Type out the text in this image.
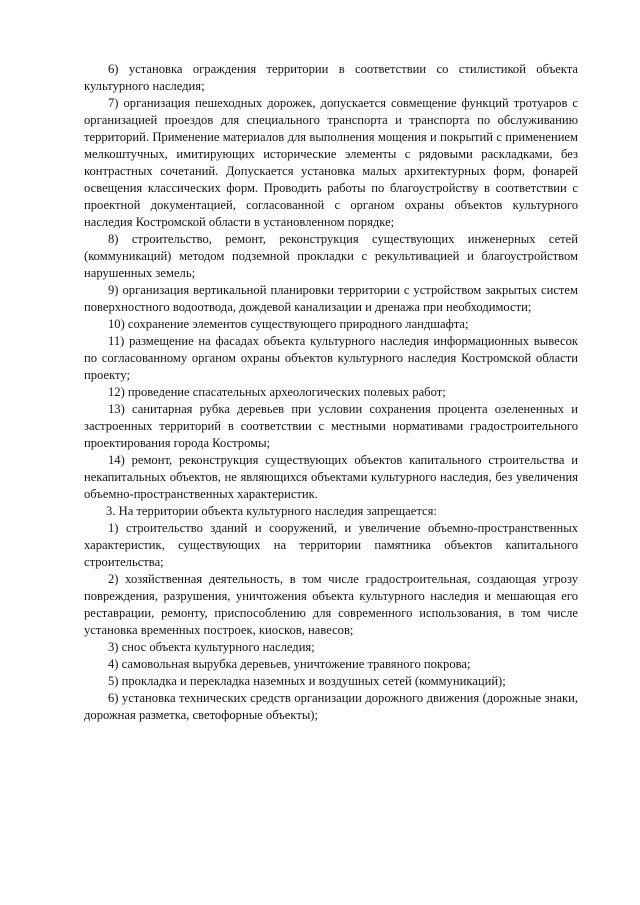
6) установка ограждения территории в соответствии со стилистикой объекта культурного наследия;

7) организация пешеходных дорожек, допускается совмещение функций тротуаров с организацией проездов для специального транспорта и транспорта по обслуживанию территорий. Применение материалов для выполнения мощения и покрытий с применением мелкоштучных, имитирующих исторические элементы с рядовыми раскладками, без контрастных сочетаний. Допускается установка малых архитектурных форм, фонарей освещения классических форм. Проводить работы по благоустройству в соответствии с проектной документацией, согласованной с органом охраны объектов культурного наследия Костромской области в установленном порядке;

8) строительство, ремонт, реконструкция существующих инженерных сетей (коммуникаций) методом подземной прокладки с рекультивацией и благоустройством нарушенных земель;

9) организация вертикальной планировки территории с устройством закрытых систем поверхностного водоотвода, дождевой канализации и дренажа при необходимости;

10) сохранение элементов существующего природного ландшафта;

11) размещение на фасадах объекта культурного наследия информационных вывесок по согласованному органом охраны объектов культурного наследия Костромской области проекту;

12) проведение спасательных археологических полевых работ;

13) санитарная рубка деревьев при условии сохранения процента озелененных и застроенных территорий в соответствии с местными нормативами градостроительного проектирования города Костромы;

14) ремонт, реконструкция существующих объектов капитального строительства и некапитальных объектов, не являющихся объектами культурного наследия, без увеличения объемно-пространственных характеристик.

3. На территории объекта культурного наследия запрещается:

1) строительство зданий и сооружений, и увеличение объемно-пространственных характеристик, существующих на территории памятника объектов капитального строительства;

2) хозяйственная деятельность, в том числе градостроительная, создающая угрозу повреждения, разрушения, уничтожения объекта культурного наследия и мешающая его реставрации, ремонту, приспособлению для современного использования, в том числе установка временных построек, киосков, навесов;

3) снос объекта культурного наследия;

4) самовольная вырубка деревьев, уничтожение травяного покрова;

5) прокладка и перекладка наземных и воздушных сетей (коммуникаций);

6) установка технических средств организации дорожного движения (дорожные знаки, дорожная разметка, светофорные объекты);
